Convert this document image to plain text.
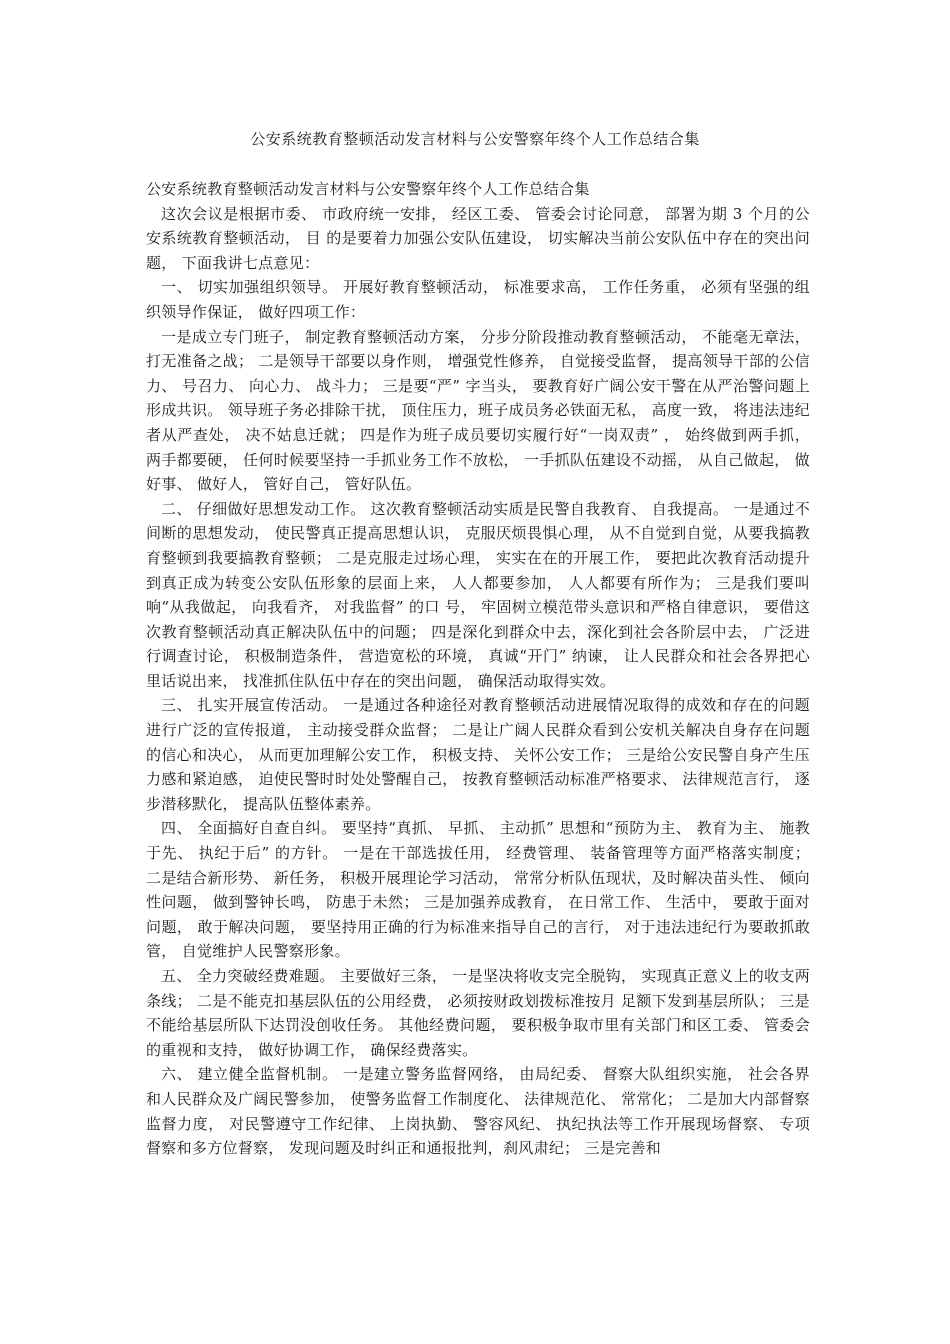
公安系统教育整顿活动发言材料与公安警察年终个人工作总结合集

公安系统教育整顿活动发言材料与公安警察年终个人工作总结合集

这次会议是根据市委、 市政府统一安排， 经区工委、 管委会讨论同意， 部署为期 3 个月的公安系统教育整顿活动， 目 的是要着力加强公安队伍建设， 切实解决当前公安队伍中存在的突出问题， 下面我讲七点意见：

一、 切实加强组织领导。 开展好教育整顿活动， 标准要求高， 工作任务重， 必须有坚强的组织领导作保证， 做好四项工作：

一是成立专门班子， 制定教育整顿活动方案， 分步分阶段推动教育整顿活动， 不能毫无章法， 打无准备之战； 二是领导干部要以身作则， 增强党性修养， 自觉接受监督， 提高领导干部的公信力、 号召力、 向心力、 战斗力； 三是要“严” 字当头， 要教育好广阔公安干警在从严治警问题上形成共识。 领导班子务必排除干扰， 顶住压力，班子成员务必铁面无私， 高度一致， 将违法违纪者从严查处， 决不姑息迁就； 四是作为班子成员要切实履行好“一岗双责” ， 始终做到两手抓， 两手都要硬， 任何时候要坚持一手抓业务工作不放松， 一手抓队伍建设不动摇， 从自己做起， 做好事、 做好人， 管好自己， 管好队伍。

二、 仔细做好思想发动工作。 这次教育整顿活动实质是民警自我教育、 自我提高。 一是通过不间断的思想发动， 使民警真正提高思想认识， 克服厌烦畏惧心理， 从不自觉到自觉，从要我搞教育整顿到我要搞教育整顿； 二是克服走过场心理， 实实在在的开展工作， 要把此次教育活动提升到真正成为转变公安队伍形象的层面上来， 人人都要参加， 人人都要有所作为； 三是我们要叫响“从我做起， 向我看齐， 对我监督” 的口 号， 牢固树立模范带头意识和严格自律意识， 要借这次教育整顿活动真正解决队伍中的问题； 四是深化到群众中去，深化到社会各阶层中去， 广泛进行调查讨论， 积极制造条件， 营造宽松的环境， 真诚“开门” 纳谏， 让人民群众和社会各界把心里话说出来， 找准抓住队伍中存在的突出问题， 确保活动取得实效。

三、 扎实开展宣传活动。 一是通过各种途径对教育整顿活动进展情况取得的成效和存在的问题进行广泛的宣传报道， 主动接受群众监督； 二是让广阔人民群众看到公安机关解决自身存在问题的信心和决心， 从而更加理解公安工作， 积极支持、 关怀公安工作； 三是给公安民警自身产生压力感和紧迫感， 迫使民警时时处处警醒自己， 按教育整顿活动标准严格要求、 法律规范言行， 逐步潜移默化， 提高队伍整体素养。

四、 全面搞好自查自纠。 要坚持“真抓、 早抓、 主动抓” 思想和“预防为主、 教育为主、 施教于先、 执纪于后” 的方针。 一是在干部选拔任用， 经费管理、 装备管理等方面严格落实制度； 二是结合新形势、 新任务， 积极开展理论学习活动， 常常分析队伍现状，及时解决苗头性、 倾向性问题， 做到警钟长鸣， 防患于未然； 三是加强养成教育， 在日常工作、 生活中， 要敢于面对问题， 敢于解决问题， 要坚持用正确的行为标准来指导自己的言行， 对于违法违纪行为要敢抓敢管， 自觉维护人民警察形象。

五、 全力突破经费难题。 主要做好三条， 一是坚决将收支完全脱钩， 实现真正意义上的收支两条线； 二是不能克扣基层队伍的公用经费， 必须按财政划拨标准按月 足额下发到基层所队； 三是不能给基层所队下达罚没创收任务。 其他经费问题， 要积极争取市里有关部门和区工委、 管委会的重视和支持， 做好协调工作， 确保经费落实。

六、 建立健全监督机制。 一是建立警务监督网络， 由局纪委、 督察大队组织实施， 社会各界和人民群众及广阔民警参加， 使警务监督工作制度化、 法律规范化、 常常化； 二是加大内部督察监督力度， 对民警遵守工作纪律、 上岗执勤、 警容风纪、 执纪执法等工作开展现场督察、 专项督察和多方位督察， 发现问题及时纠正和通报批判，刹风肃纪； 三是完善和
